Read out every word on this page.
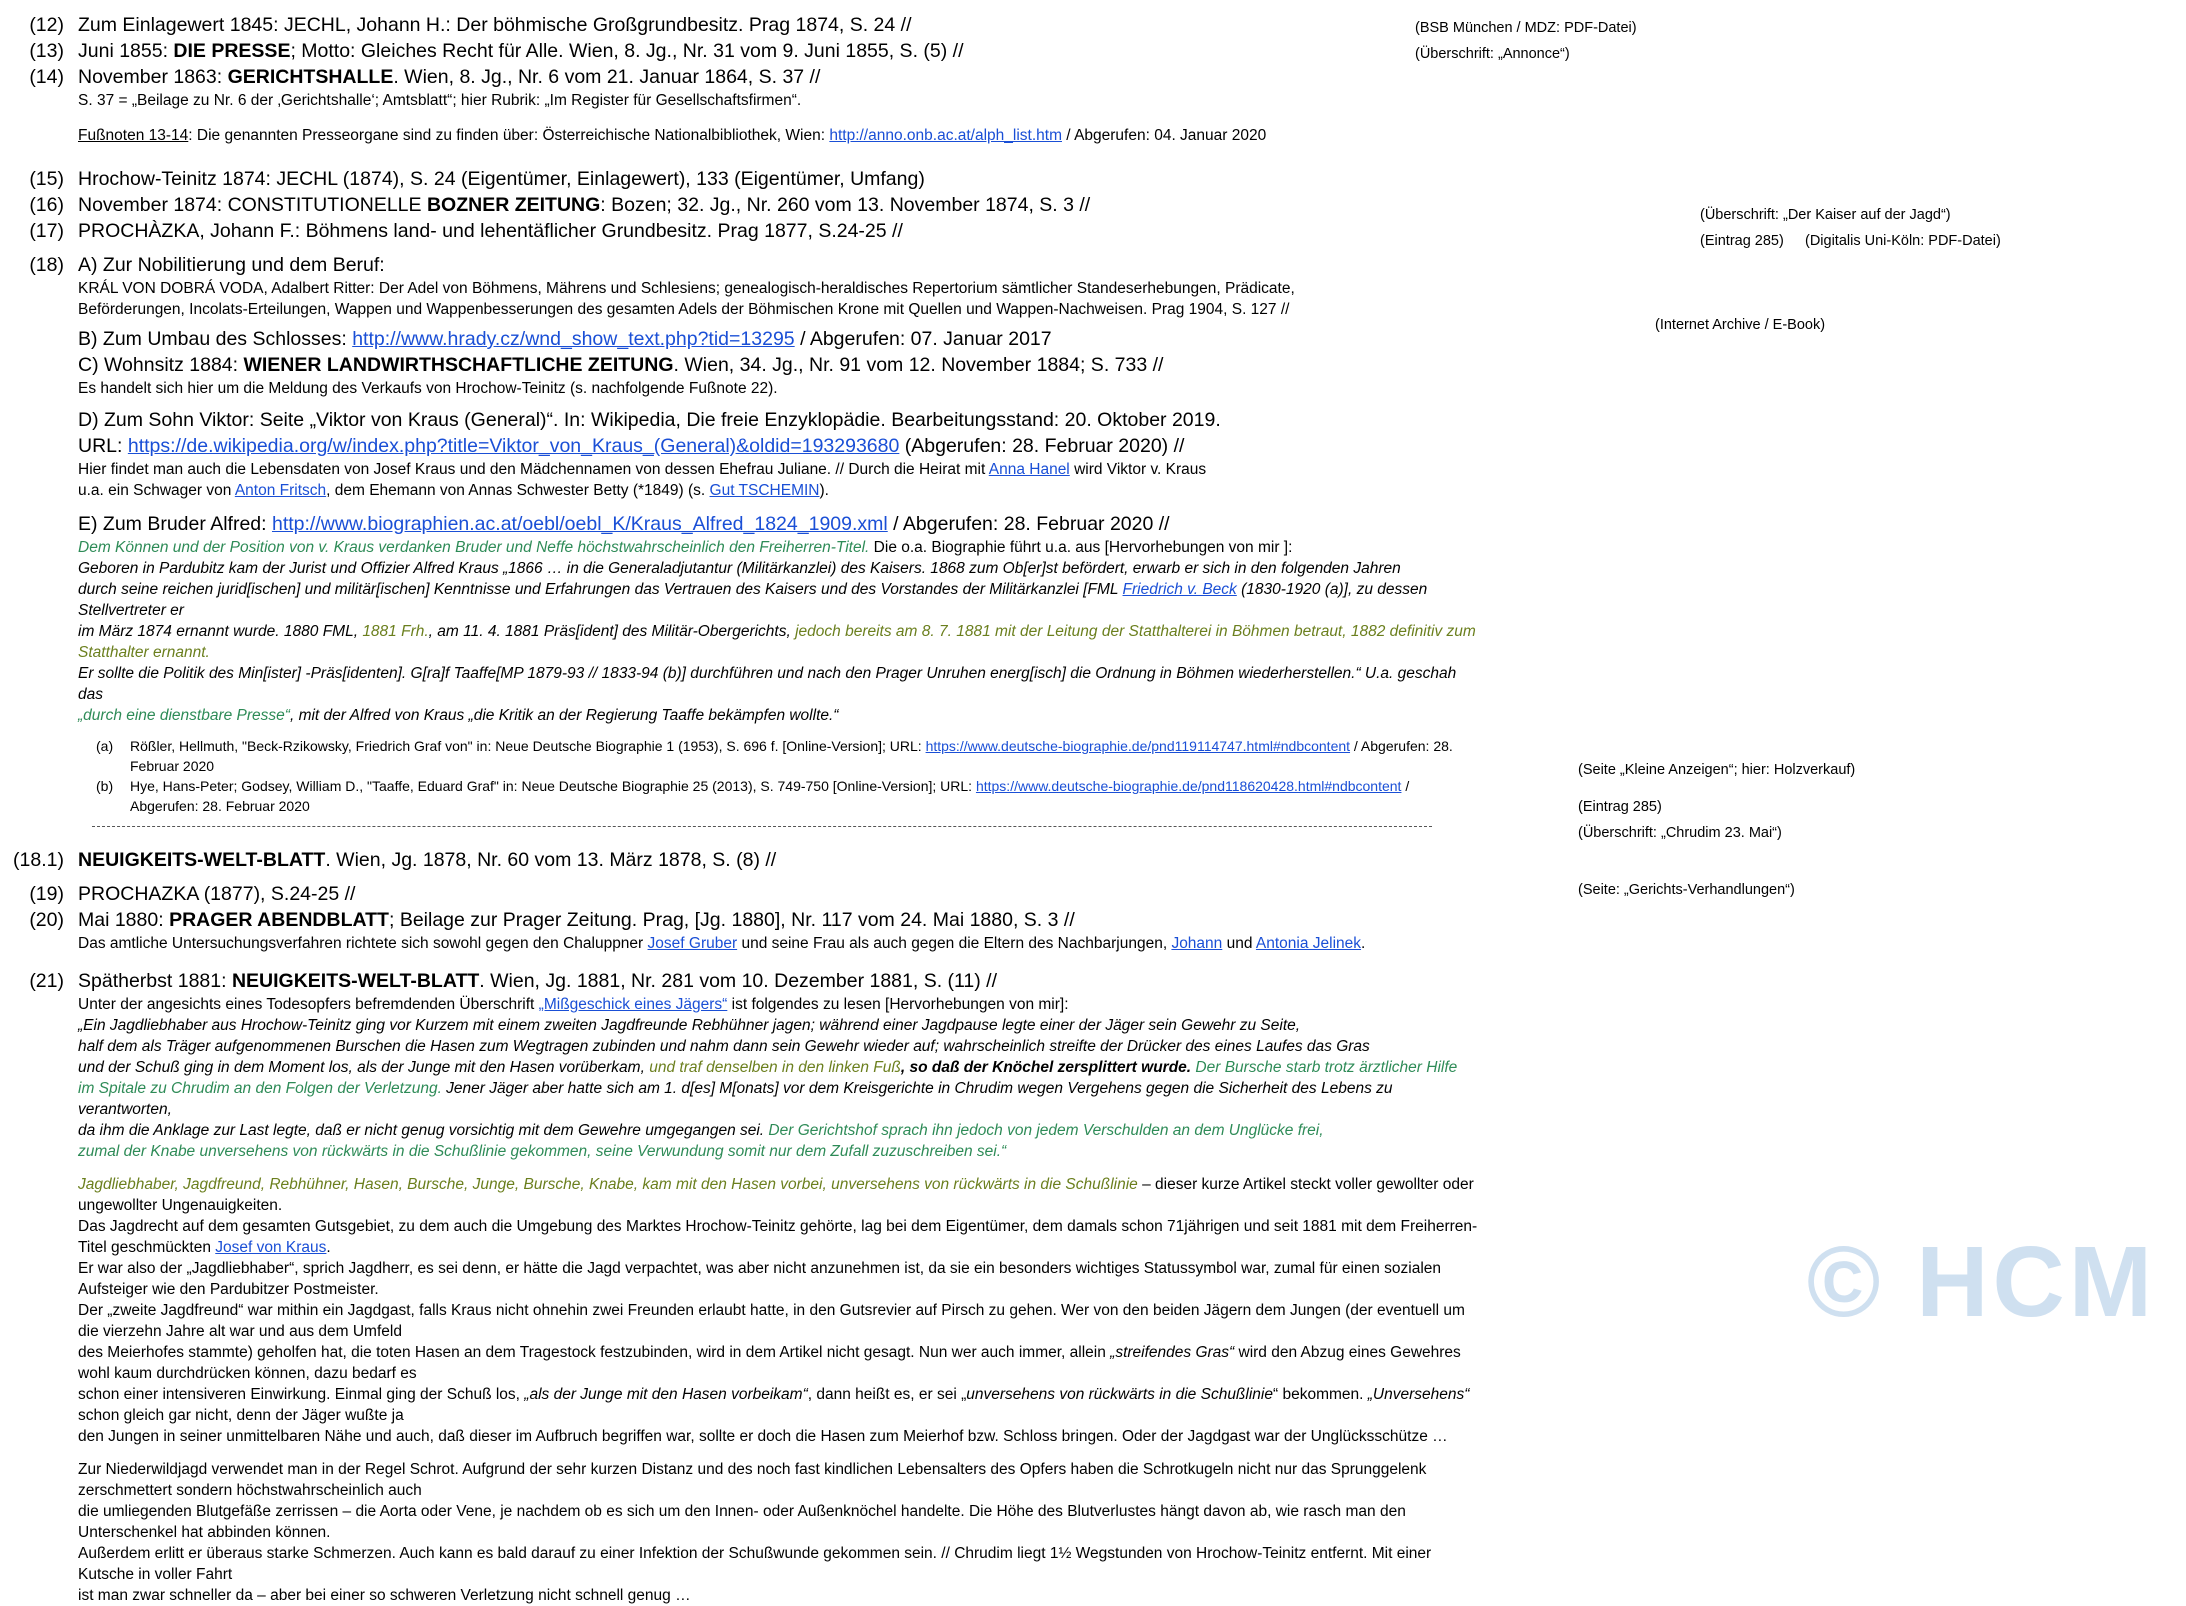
(12) Zum Einlagewert 1845: JECHL, Johann H.: Der böhmische Großgrundbesitz. Prag 1874, S. 24 //
(13) Juni 1855: DIE PRESSE; Motto: Gleiches Recht für Alle. Wien, 8. Jg., Nr. 31 vom 9. Juni 1855, S. (5) //
(14) November 1863: GERICHTSHALLE. Wien, 8. Jg., Nr. 6 vom 21. Januar 1864, S. 37 //
S. 37 = „Beilage zu Nr. 6 der ‚Gerichtshalle‘; Amtsblatt“; hier Rubrik: „Im Register für Gesellschaftsfirmen“.
Fußnoten 13-14: Die genannten Presseorgane sind zu finden über: Österreichische Nationalbibliothek, Wien: http://anno.onb.ac.at/alph_list.htm / Abgerufen: 04. Januar 2020
(15) Hrochow-Teinitz 1874: JECHL (1874), S. 24 (Eigentümer, Einlagewert), 133 (Eigentümer, Umfang)
(16) November 1874: CONSTITUTIONELLE BOZNER ZEITUNG: Bozen; 32. Jg., Nr. 260 vom 13. November 1874, S. 3 //
(17) PROCHÀZKA, Johann F.: Böhmens land- und lehentäflicher Grundbesitz. Prag 1877, S.24-25 //
(18) A) Zur Nobilitierung und dem Beruf:
KRÁL VON DOBRÁ VODA, Adalbert Ritter: Der Adel von Böhmens, Mährens und Schlesiens; genealogisch-heraldisches Repertorium sämtlicher Standeserhebungen, Prädicate,
Beförderungen, Incolats-Erteilungen, Wappen und Wappenbesserungen des gesamten Adels der Böhmischen Krone mit Quellen und Wappen-Nachweisen. Prag 1904, S. 127 //
B) Zum Umbau des Schlosses: http://www.hrady.cz/wnd_show_text.php?tid=13295 / Abgerufen: 07. Januar 2017
C) Wohnsitz 1884: WIENER LANDWIRTHSCHAFTLICHE ZEITUNG. Wien, 34. Jg., Nr. 91 vom 12. November 1884; S. 733 //
Es handelt sich hier um die Meldung des Verkaufs von Hrochow-Teinitz (s. nachfolgende Fußnote 22).
D) Zum Sohn Viktor: Seite „Viktor von Kraus (General)“. In: Wikipedia, Die freie Enzyklopädie. Bearbeitungsstand: 20. Oktober 2019.
URL: https://de.wikipedia.org/w/index.php?title=Viktor_von_Kraus_(General)&oldid=193293680 (Abgerufen: 28. Februar 2020) //
Hier findet man auch die Lebensdaten von Josef Kraus und den Mädchennamen von dessen Ehefrau Juliane. // Durch die Heirat mit Anna Hanel wird Viktor v. Kraus
u.a. ein Schwager von Anton Fritsch, dem Ehemann von Annas Schwester Betty (*1849) (s. Gut TSCHEMIN).
E) Zum Bruder Alfred: http://www.biographien.ac.at/oebl/oebl_K/Kraus_Alfred_1824_1909.xml / Abgerufen: 28. Februar 2020 //
Dem Können und der Position von v. Kraus verdanken Bruder und Neffe höchstwahrscheinlich den Freiherren-Titel. Die o.a. Biographie führt u.a. aus [Hervorhebungen von mir ]:
Geboren in Pardubitz kam der Jurist und Offizier Alfred Kraus „1866 … in die Generaladjutantur (Militärkanzlei) des Kaisers. 1868 zum Ob[er]st befördert, erwarb er sich in den folgenden Jahren
durch seine reichen jurid[ischen] und militär[ischen] Kenntnisse und Erfahrungen das Vertrauen des Kaisers und des Vorstandes der Militärkanzlei [FML Friedrich v. Beck (1830-1920 (a)], zu dessen Stellvertreter er
im März 1874 ernannt wurde. 1880 FML, 1881 Frh., am 11. 4. 1881 Präs[ident] des Militär-Obergerichts, jedoch bereits am 8. 7. 1881 mit der Leitung der Statthalterei in Böhmen betraut, 1882 definitiv zum Statthalter ernannt.
Er sollte die Politik des Min[ister] -Präs[identen]. G[ra]f Taaffe[MP 1879-93 // 1833-94 (b)] durchführen und nach den Prager Unruhen energ[isch] die Ordnung in Böhmen wiederherstellen.“ U.a. geschah das
„durch eine dienstbare Presse“, mit der Alfred von Kraus „die Kritik an der Regierung Taaffe bekämpfen wollte.“
(a)	Rößler, Hellmuth, "Beck-Rzikowsky, Friedrich Graf von" in: Neue Deutsche Biographie 1 (1953), S. 696 f. [Online-Version]; URL: https://www.deutsche-biographie.de/pnd119114747.html#ndbcontent / Abgerufen: 28. Februar 2020
(b)	Hye, Hans-Peter; Godsey, William D., "Taaffe, Eduard Graf" in: Neue Deutsche Biographie 25 (2013), S. 749-750 [Online-Version]; URL: https://www.deutsche-biographie.de/pnd118620428.html#ndbcontent / Abgerufen: 28. Februar 2020
(18.1) NEUIGKEITS-WELT-BLATT. Wien, Jg. 1878, Nr. 60 vom 13. März 1878, S. (8) //
(19) PROCHAZKA (1877), S.24-25 //
(20) Mai 1880: PRAGER ABENDBLATT; Beilage zur Prager Zeitung. Prag, [Jg. 1880], Nr. 117 vom 24. Mai 1880, S. 3 //
Das amtliche Untersuchungsverfahren richtete sich sowohl gegen den Chaluppner Josef Gruber und seine Frau als auch gegen die Eltern des Nachbarjungen, Johann und Antonia Jelinek.
(21) Spätherbst 1881: NEUIGKEITS-WELT-BLATT. Wien, Jg. 1881, Nr. 281 vom 10. Dezember 1881, S. (11) //
Unter der angesichts eines Todesopfers befremdenden Überschrift „Mißgeschick eines Jägers“ ist folgendes zu lesen [Hervorhebungen von mir]:
„Ein Jagdliebhaber aus Hrochow-Teinitz ging vor Kurzem mit einem zweiten Jagdfreunde Rebhühner jagen; während einer Jagdpause legte einer der Jäger sein Gewehr zu Seite,
half dem als Träger aufgenommenen Burschen die Hasen zum Wegtragen zubinden und nahm dann sein Gewehr wieder auf; wahrscheinlich streifte der Drücker des eines Laufes das Gras
und der Schuß ging in dem Moment los, als der Junge mit den Hasen vorüberkam, und traf denselben in den linken Fuß, so daß der Knöchel zersplittert wurde. Der Bursche starb trotz ärztlicher Hilfe
im Spitale zu Chrudim an den Folgen der Verletzung. Jener Jäger aber hatte sich am 1. d[es] M[onats] vor dem Kreisgerichte in Chrudim wegen Vergehens gegen die Sicherheit des Lebens zu verantworten,
da ihm die Anklage zur Last legte, daß er nicht genug vorsichtig mit dem Gewehre umgegangen sei. Der Gerichtshof sprach ihn jedoch von jedem Verschulden an dem Unglücke frei,
zumal der Knabe unversehens von rückwärts in die Schußlinie gekommen, seine Verwundung somit nur dem Zufall zuzuschreiben sei.“
Jagdliebhaber, Jagdfreund, Rebhühner, Hasen, Bursche, Junge, Bursche, Knabe, kam mit den Hasen vorbei, unversehens von rückwärts in die Schußlinie – dieser kurze Artikel steckt voller gewollter oder ungewollter Ungenauigkeiten.
Das Jagdrecht auf dem gesamten Gutsgebiet, zu dem auch die Umgebung des Marktes Hrochow-Teinitz gehörte, lag bei dem Eigentümer, dem damals schon 71jährigen und seit 1881 mit dem Freiherren-Titel geschmückten Josef von Kraus.
Er war also der „Jagdliebhaber“, sprich Jagdherr, es sei denn, er hätte die Jagd verpachtet, was aber nicht anzunehmen ist, da sie ein besonders wichtiges Statussymbol war, zumal für einen sozialen Aufsteiger wie den Pardubitzer Postmeister.
Der „zweite Jagdfreund“ war mithin ein Jagdgast, falls Kraus nicht ohnehin zwei Freunden erlaubt hatte, in den Gutsrevier auf Pirsch zu gehen. Wer von den beiden Jägern dem Jungen (der eventuell um die vierzehn Jahre alt war und aus dem Umfeld
des Meierhofes stammte) geholfen hat, die toten Hasen an dem Tragestock festzubinden, wird in dem Artikel nicht gesagt. Nun wer auch immer, allein „streifendes Gras“ wird den Abzug eines Gewehres wohl kaum durchdrücken können, dazu bedarf es
schon einer intensiveren Einwirkung. Einmal ging der Schuß los, „als der Junge mit den Hasen vorbeikam“, dann heißt es, er sei „unversehens von rückwärts in die Schußlinie“ bekommen. „Unversehens“ schon gleich gar nicht, denn der Jäger wußte ja
den Jungen in seiner unmittelbaren Nähe und auch, daß dieser im Aufbruch begriffen war, sollte er doch die Hasen zum Meierhof bzw. Schloss bringen. Oder der Jagdgast war der Unglücksschütze …
Zur Niederwildjagd verwendet man in der Regel Schrot. Aufgrund der sehr kurzen Distanz und des noch fast kindlichen Lebensalters des Opfers haben die Schrotkugeln nicht nur das Sprunggelenk zerschmettert sondern höchstwahrscheinlich auch
die umliegenden Blutgefäße zerrissen – die Aorta oder Vene, je nachdem ob es sich um den Innen- oder Außenknöchel handelte. Die Höhe des Blutverlustes hängt davon ab, wie rasch man den Unterschenkel hat abbinden können.
Außerdem erlitt er überaus starke Schmerzen. Auch kann es bald darauf zu einer Infektion der Schußwunde gekommen sein. // Chrudim liegt 1½ Wegstunden von Hrochow-Teinitz entfernt. Mit einer Kutsche in voller Fahrt
ist man zwar schneller da – aber bei einer so schweren Verletzung nicht schnell genug …
(BSB München / MDZ: PDF-Datei)
(Überschrift: „Annonce“)
(Überschrift: „Der Kaiser auf der Jagd“)
(Eintrag 285) (Digitalis Uni-Köln: PDF-Datei)
(Internet Archive / E-Book)
(Seite „Kleine Anzeigen“; hier: Holzverkauf)
(Eintrag 285)
(Überschrift: „Chrudim 23. Mai“)
(Seite: „Gerichts-Verhandlungen“)
© HCM
